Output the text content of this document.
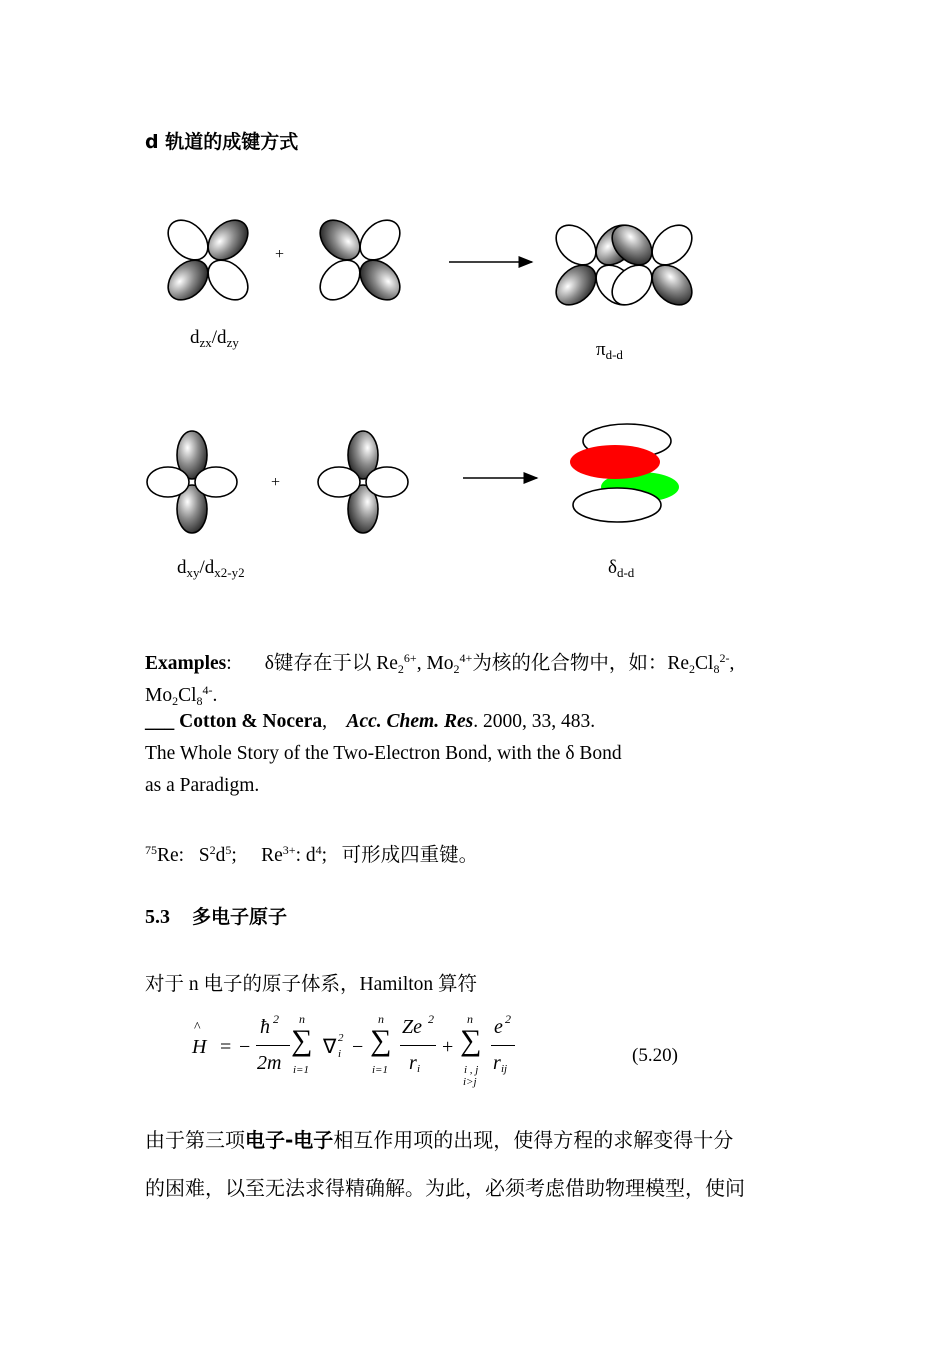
d 轨道的成键方式
+
+
$d_{zx}/d_{zy}$	$\pi_{d-d}$
$d_{xy}/d_{x2-y2}$	$\delta_{d-d}$
Examples: δ键存在于以 $Re_2^{6+}$, $Mo_2^{4+}$为核的化合物中，如：$Re_2Cl_8^{2-}$,
$Mo_2Cl_8^{4-}$.
___ Cotton & Nocera,    Acc. Chem. Res. 2000, 33, 483.
The Whole Story of the Two-Electron Bond, with the δ Bond
as a Paradigm.
$^{75}$Re: $S^2d^5$; $Re^{3+}$: $d^4$; 可形成四重键。
5.3 多电子原子
对于 n 电子的原子体系，Hamilton 算符
H
^
= −
ħ 2
2m
n
∑
i=1
∇ 2
i −
n
∑
i=1
Ze 2
r i
+
n
∑
i , j
i>j
e 2
r ij
(5.20)
由于第三项电子-电子相互作用项的出现，使得方程的求解变得十分
的困难，以至无法求得精确解。为此，必须考虑借助物理模型，使问
